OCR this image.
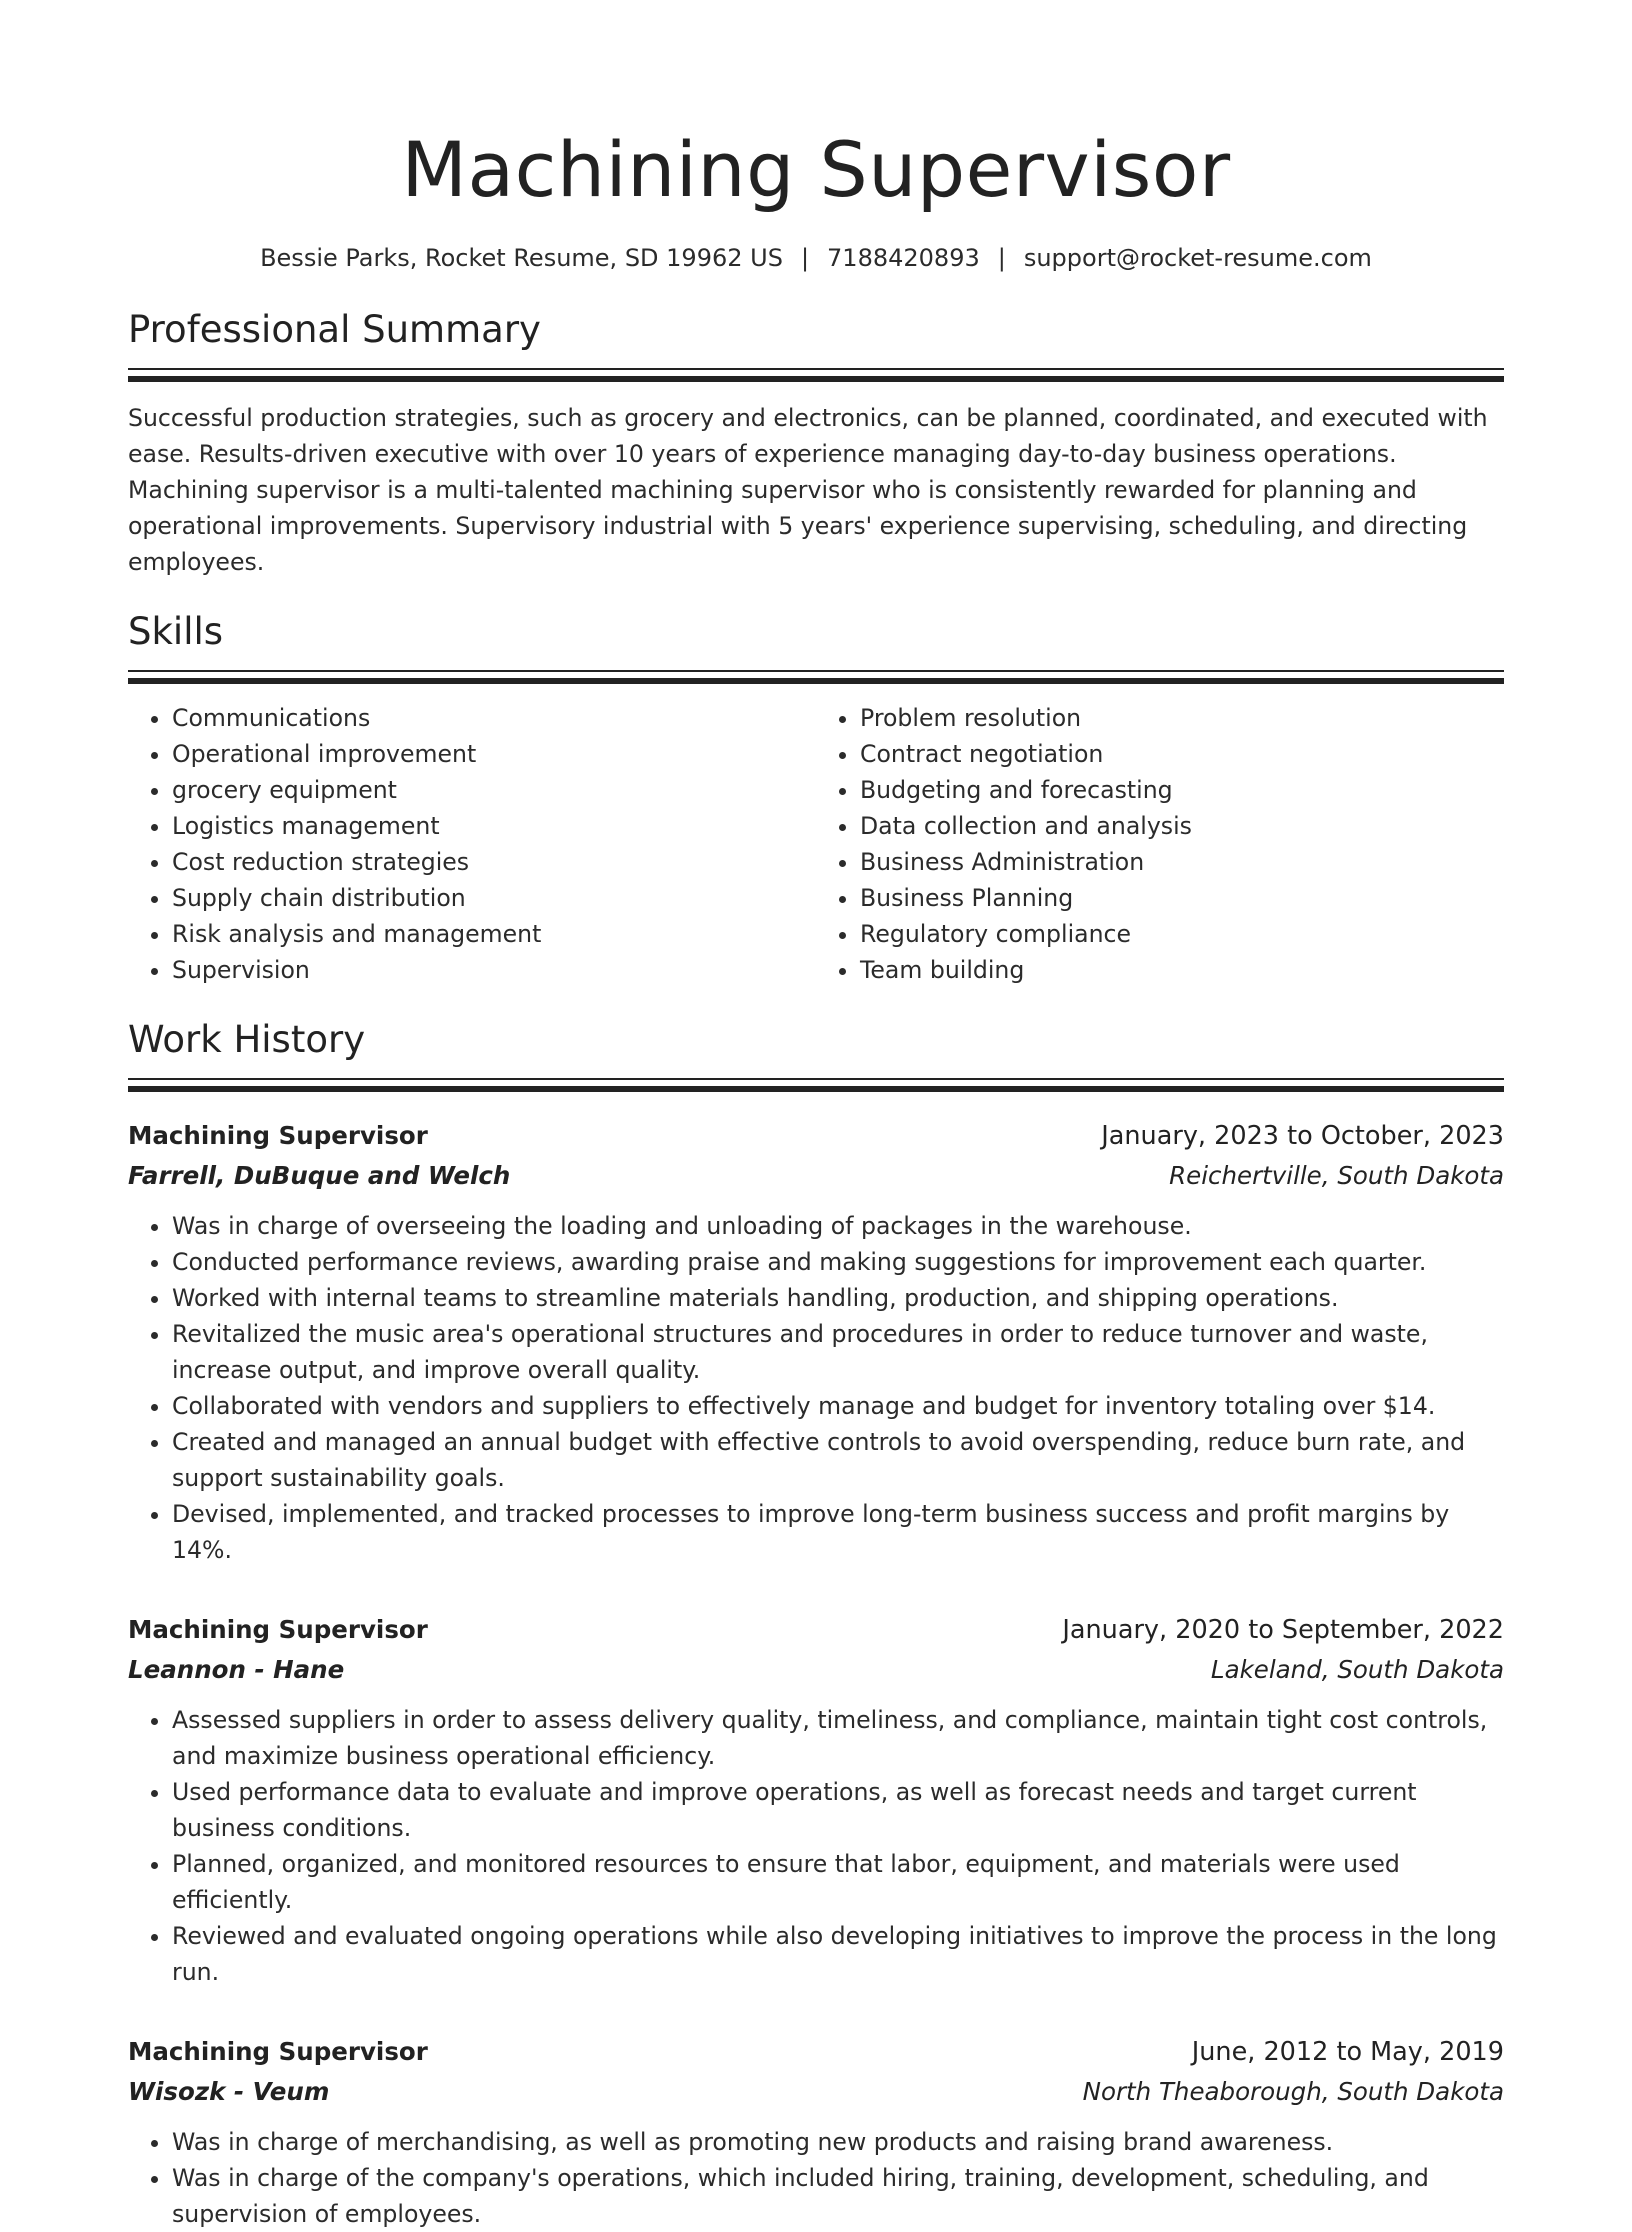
Machining Supervisor
Bessie Parks, Rocket Resume, SD 19962 US | 7188420893 | support@rocket-resume.com
Professional Summary

Successful production strategies, such as grocery and electronics, can be planned, coordinated, and executed with ease. Results-driven executive with over 10 years of experience managing day-to-day business operations. Machining supervisor is a multi-talented machining supervisor who is consistently rewarded for planning and operational improvements. Supervisory industrial with 5 years' experience supervising, scheduling, and directing employees.

Skills
• Communications
• Operational improvement
• grocery equipment
• Logistics management
• Cost reduction strategies
• Supply chain distribution
• Risk analysis and management
• Supervision
• Problem resolution
• Contract negotiation
• Budgeting and forecasting
• Data collection and analysis
• Business Administration
• Business Planning
• Regulatory compliance
• Team building
Work History
Machining Supervisor	January, 2023 to October, 2023
Farrell, DuBuque and Welch	Reichertville, South Dakota
• Was in charge of overseeing the loading and unloading of packages in the warehouse.
• Conducted performance reviews, awarding praise and making suggestions for improvement each quarter.
• Worked with internal teams to streamline materials handling, production, and shipping operations.
• Revitalized the music area's operational structures and procedures in order to reduce turnover and waste, increase output, and improve overall quality.
• Collaborated with vendors and suppliers to effectively manage and budget for inventory totaling over $14.
• Created and managed an annual budget with effective controls to avoid overspending, reduce burn rate, and support sustainability goals.
• Devised, implemented, and tracked processes to improve long-term business success and profit margins by 14%.
Machining Supervisor	January, 2020 to September, 2022
Leannon - Hane	Lakeland, South Dakota
• Assessed suppliers in order to assess delivery quality, timeliness, and compliance, maintain tight cost controls, and maximize business operational efficiency.
• Used performance data to evaluate and improve operations, as well as forecast needs and target current business conditions.
• Planned, organized, and monitored resources to ensure that labor, equipment, and materials were used efficiently.
• Reviewed and evaluated ongoing operations while also developing initiatives to improve the process in the long run.
Machining Supervisor	June, 2012 to May, 2019
Wisozk - Veum	North Theaborough, South Dakota
• Was in charge of merchandising, as well as promoting new products and raising brand awareness.
• Was in charge of the company's operations, which included hiring, training, development, scheduling, and supervision of employees.
